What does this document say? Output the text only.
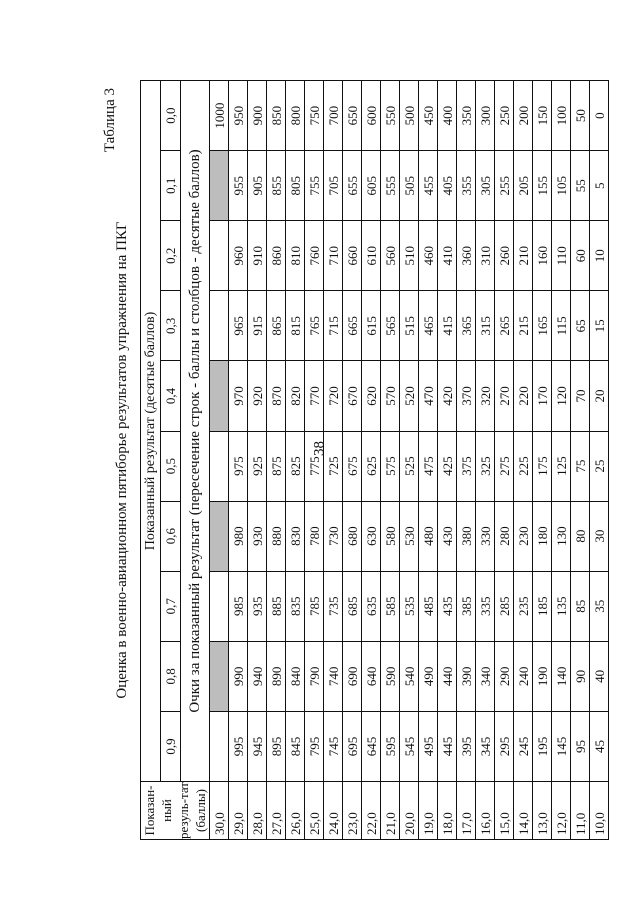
38
Таблица 3
Оценка в военно-авиационном пятиборье результатов упражнения на ПКГ
Показан-ный резуль-тат (баллы)	Показанный результат (десятые баллов)									
	0,9	0,8	0,7	0,6	0,5	0,4	0,3	0,2	0,1	0,0
	Очки за показанный результат (пересечение строк - баллы и столбцов - десятые баллов)									
30,0										1000
29,0	995	990	985	980	975	970	965	960	955	950
28,0	945	940	935	930	925	920	915	910	905	900
27,0	895	890	885	880	875	870	865	860	855	850
26,0	845	840	835	830	825	820	815	810	805	800
25,0	795	790	785	780	775	770	765	760	755	750
24,0	745	740	735	730	725	720	715	710	705	700
23,0	695	690	685	680	675	670	665	660	655	650
22,0	645	640	635	630	625	620	615	610	605	600
21,0	595	590	585	580	575	570	565	560	555	550
20,0	545	540	535	530	525	520	515	510	505	500
19,0	495	490	485	480	475	470	465	460	455	450
18,0	445	440	435	430	425	420	415	410	405	400
17,0	395	390	385	380	375	370	365	360	355	350
16,0	345	340	335	330	325	320	315	310	305	300
15,0	295	290	285	280	275	270	265	260	255	250
14,0	245	240	235	230	225	220	215	210	205	200
13,0	195	190	185	180	175	170	165	160	155	150
12,0	145	140	135	130	125	120	115	110	105	100
11,0	95	90	85	80	75	70	65	60	55	50
10,0	45	40	35	30	25	20	15	10	5	0
